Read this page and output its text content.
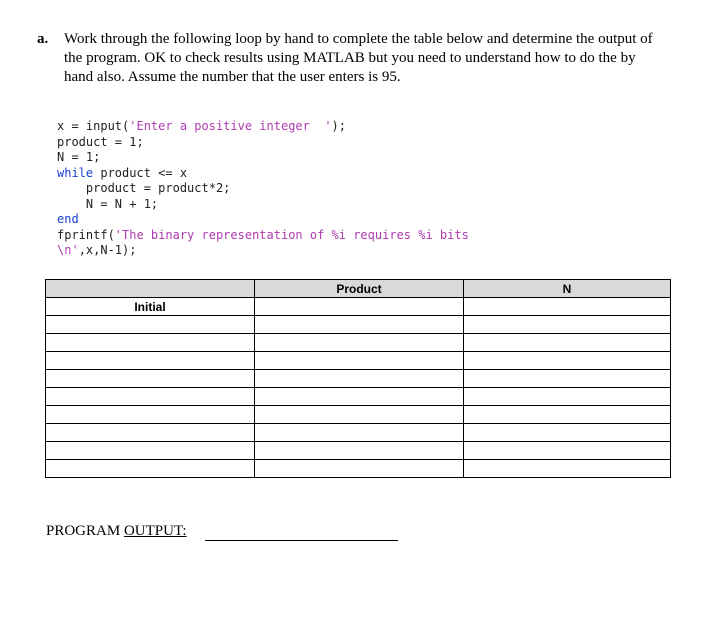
a. Work through the following loop by hand to complete the table below and determine the output of the program. OK to check results using MATLAB but you need to understand how to do the by hand also. Assume the number that the user enters is 95.
x = input('Enter a positive integer  ');
product = 1;
N = 1;
while product <= x
product = product*2;
N = N + 1;
end
fprintf('The binary representation of %i requires %i bits
\n',x,N-1);
	Product	N
Initial		

PROGRAM OUTPUT:
